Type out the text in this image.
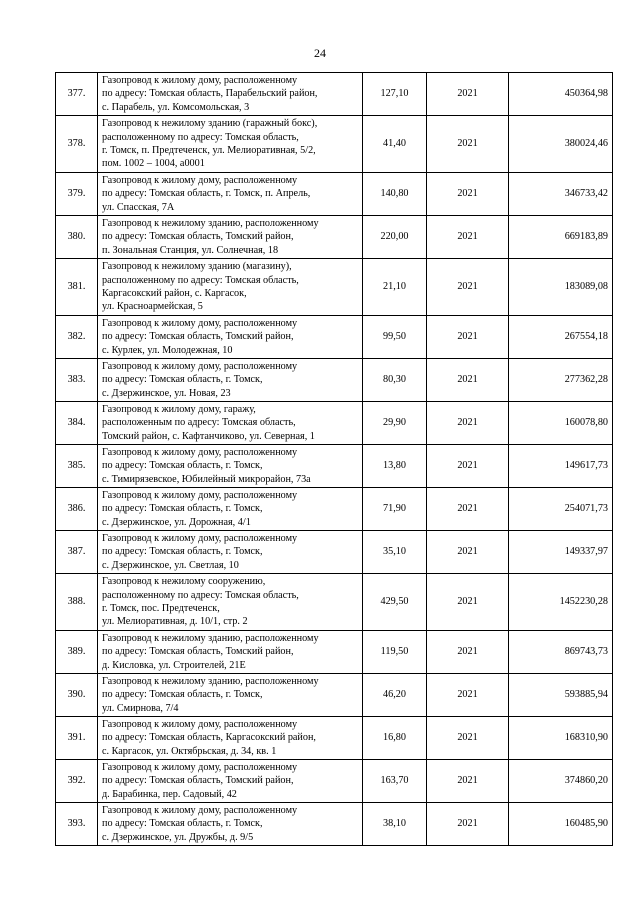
24
377.	Газопровод к жилому дому, расположенному
по адресу: Томская область, Парабельский район,
с. Парабель, ул. Комсомольская, 3	127,10	2021	450364,98
378.	Газопровод к нежилому зданию (гаражный бокс),
расположенному по адресу: Томская область,
г. Томск, п. Предтеченск, ул. Мелиоративная, 5/2,
пом. 1002 – 1004, а0001	41,40	2021	380024,46
379.	Газопровод к жилому дому, расположенному
по адресу: Томская область, г. Томск, п. Апрель,
ул. Спасская, 7А	140,80	2021	346733,42
380.	Газопровод к нежилому зданию, расположенному
по адресу: Томская область, Томский район,
п. Зональная Станция, ул. Солнечная, 18	220,00	2021	669183,89
381.	Газопровод к нежилому зданию (магазину),
расположенному по адресу: Томская область,
Каргасокский район, с. Каргасок,
ул. Красноармейская, 5	21,10	2021	183089,08
382.	Газопровод к жилому дому, расположенному
по адресу: Томская область, Томский район,
с. Курлек, ул. Молодежная, 10	99,50	2021	267554,18
383.	Газопровод к жилому дому, расположенному
по адресу: Томская область, г. Томск,
с. Дзержинское, ул. Новая, 23	80,30	2021	277362,28
384.	Газопровод к жилому дому, гаражу,
расположенным по адресу: Томская область,
Томский район, с. Кафтанчиково, ул. Северная, 1	29,90	2021	160078,80
385.	Газопровод к жилому дому, расположенному
по адресу: Томская область, г. Томск,
с. Тимирязевское, Юбилейный микрорайон, 73а	13,80	2021	149617,73
386.	Газопровод к жилому дому, расположенному
по адресу: Томская область, г. Томск,
с. Дзержинское, ул. Дорожная, 4/1	71,90	2021	254071,73
387.	Газопровод к жилому дому, расположенному
по адресу: Томская область, г. Томск,
с. Дзержинское, ул. Светлая, 10	35,10	2021	149337,97
388.	Газопровод к нежилому сооружению,
расположенному по адресу: Томская область,
г. Томск, пос. Предтеченск,
ул. Мелиоративная, д. 10/1, стр. 2	429,50	2021	1452230,28
389.	Газопровод к нежилому зданию, расположенному
по адресу: Томская область, Томский район,
д. Кисловка, ул. Строителей, 21Е	119,50	2021	869743,73
390.	Газопровод к нежилому зданию, расположенному
по адресу: Томская область, г. Томск,
ул. Смирнова, 7/4	46,20	2021	593885,94
391.	Газопровод к жилому дому, расположенному
по адресу: Томская область, Каргасокский район,
с. Каргасок, ул. Октябрьская, д. 34, кв. 1	16,80	2021	168310,90
392.	Газопровод к жилому дому, расположенному
по адресу: Томская область, Томский район,
д. Барабинка, пер. Садовый, 42	163,70	2021	374860,20
393.	Газопровод к жилому дому, расположенному
по адресу: Томская область, г. Томск,
с. Дзержинское, ул. Дружбы, д. 9/5	38,10	2021	160485,90
